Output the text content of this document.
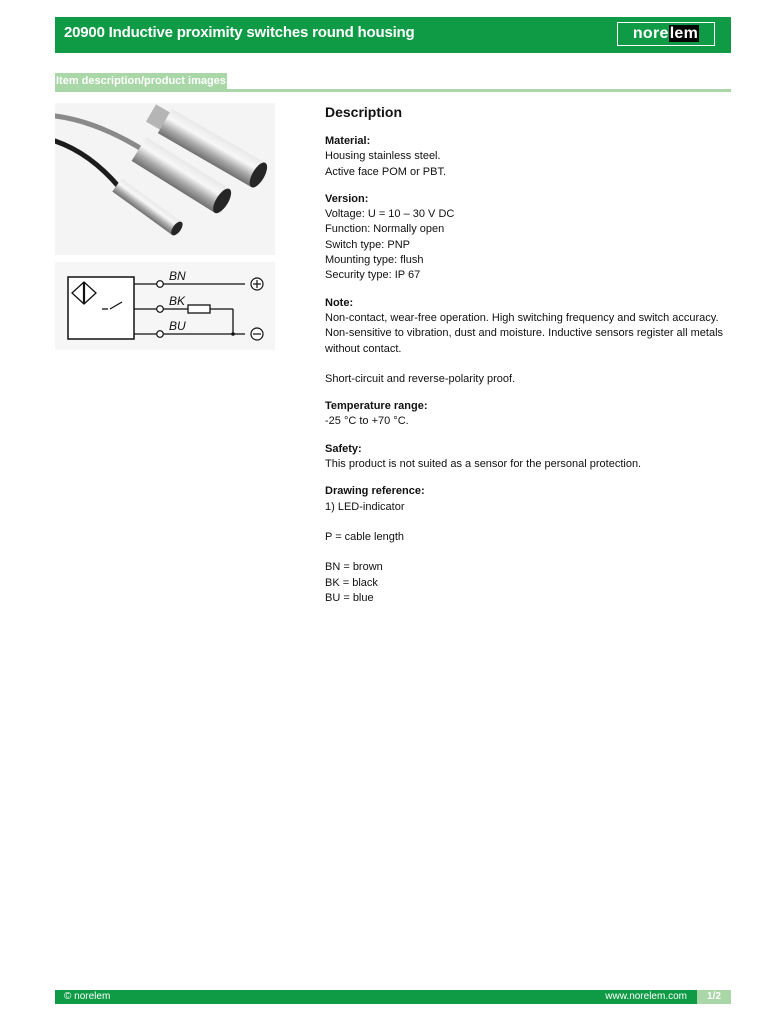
20900 Inductive proximity switches round housing	norelem
Item description/product images
BN
BK
BU
Description
Material:
Housing stainless steel.
Active face POM or PBT.
Version:
Voltage: U = 10 – 30 V DC
Function: Normally open
Switch type: PNP
Mounting type: flush
Security type: IP 67
Note:
Non-contact, wear-free operation. High switching frequency and switch accuracy.
Non-sensitive to vibration, dust and moisture. Inductive sensors register all metals
without contact.
Short-circuit and reverse-polarity proof.
Temperature range:
-25 °C to +70 °C.
Safety:
This product is not suited as a sensor for the personal protection.
Drawing reference:
1) LED-indicator
P = cable length
BN = brown
BK = black
BU = blue
© norelem	www.norelem.com	1/2
